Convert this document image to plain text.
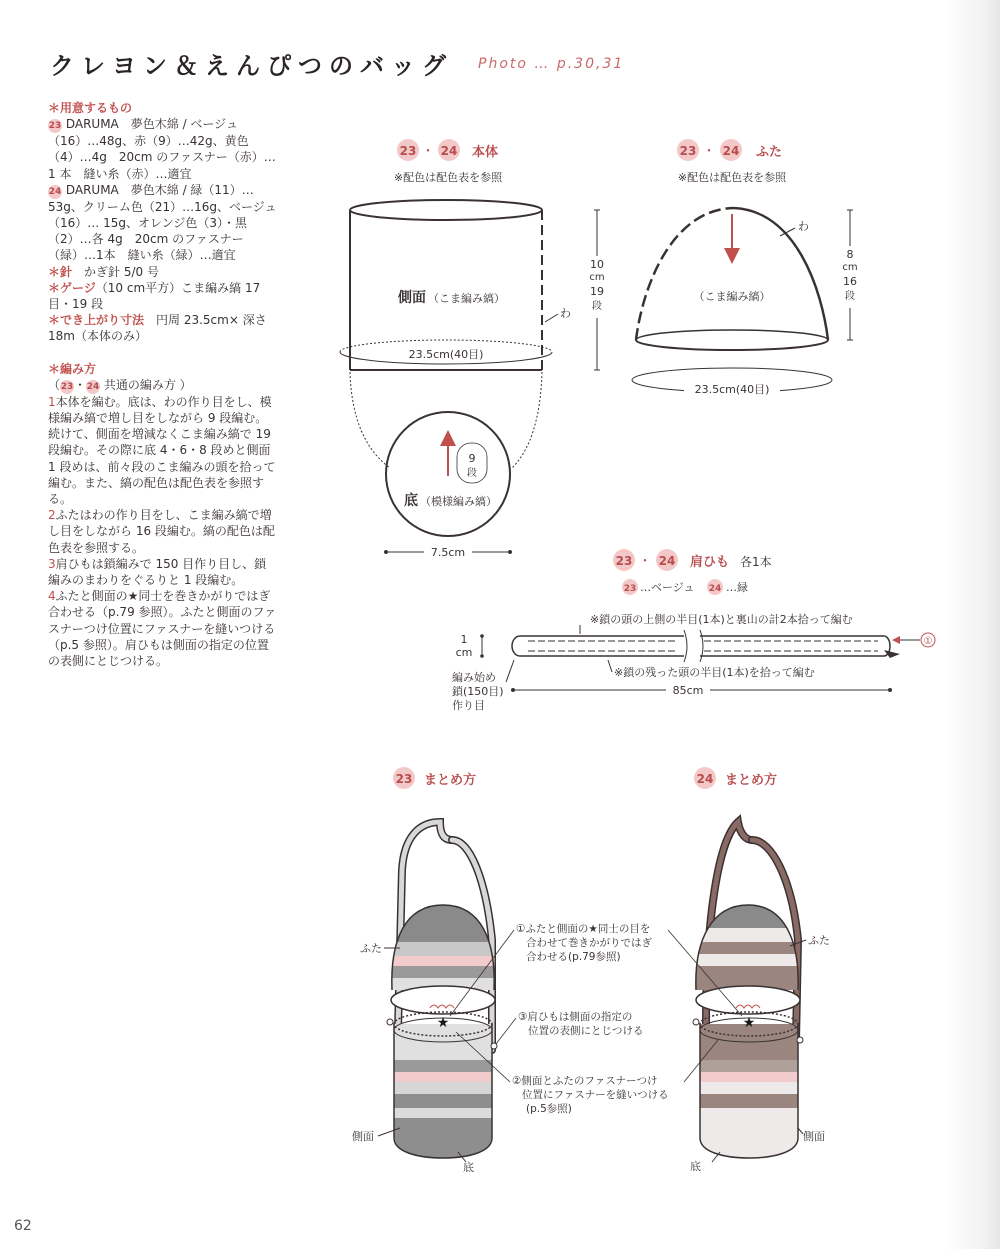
クレヨン＆えんぴつのバッグ Photo … p.30,31

＊用意するもの

23 DARUMA　夢色木綿 / ベージュ（16）…48g、赤（9）…42g、黄色（4）…4g　20cm のファスナー（赤）…1 本　縫い糸（赤）…適宜

24 DARUMA　夢色木綿 / 緑（11）…53g、クリーム色（21）…16g、ベージュ（16）… 15g、オレンジ色（3）・黒（2）…各 4g　20cm のファスナー（緑）…1本　縫い糸（緑）…適宜

＊針　かぎ針 5/0 号

＊ゲージ（10 cm平方）こま編み縞 17 目・19 段

＊でき上がり寸法　円周 23.5cm× 深さ 18m（本体のみ）

＊編み方

（23・24 共通の編み方 ）

1本体を編む。底は、わの作り目をし、模様編み縞で増し目をしながら 9 段編む。続けて、側面を増減なくこま編み縞で 19 段編む。その際に底 4・6・8 段めと側面 1 段めは、前々段のこま編みの頭を拾って編む。また、縞の配色は配色表を参照する。

2ふたはわの作り目をし、こま編み縞で増し目をしながら 16 段編む。縞の配色は配色表を参照する。

3肩ひもは鎖編みで 150 目作り目し、鎖編みのまわりをぐるりと 1 段編む。

4ふたと側面の★同士を巻きかがりではぎ合わせる（p.79 参照）。ふたと側面のファスナーつけ位置にファスナーを縫いつける（p.5 参照）。肩ひもは側面の指定の位置の表側にとじつける。

62
23 ・ 24 本体
※配色は配色表を参照
側面 （こま編み縞）
わ
23.5cm(40目)
10
cm
19
段
9
段
底 （模様編み縞）
7.5cm
23 ・ 24 ふた
※配色は配色表を参照
（こま編み縞）
わ
23.5cm(40目)
8
cm
16
段
23 ・ 24 肩ひも 各1本
23 …ベージュ 24 …緑
※鎖の頭の上側の半目(1本)と裏山の計2本拾って編む
①
1
cm
※鎖の残った頭の半目(1本)を拾って編む
編み始め
鎖(150目)
作り目
85cm
23 まとめ方
★
ふた
側面
底
24 まとめ方
★
ふた
側面
底
①ふたと側面の★同士の目を
合わせて巻きかがりではぎ
合わせる(p.79参照)
③肩ひもは側面の指定の
位置の表側にとじつける
②側面とふたのファスナーつけ
位置にファスナーを縫いつける
(p.5参照)
